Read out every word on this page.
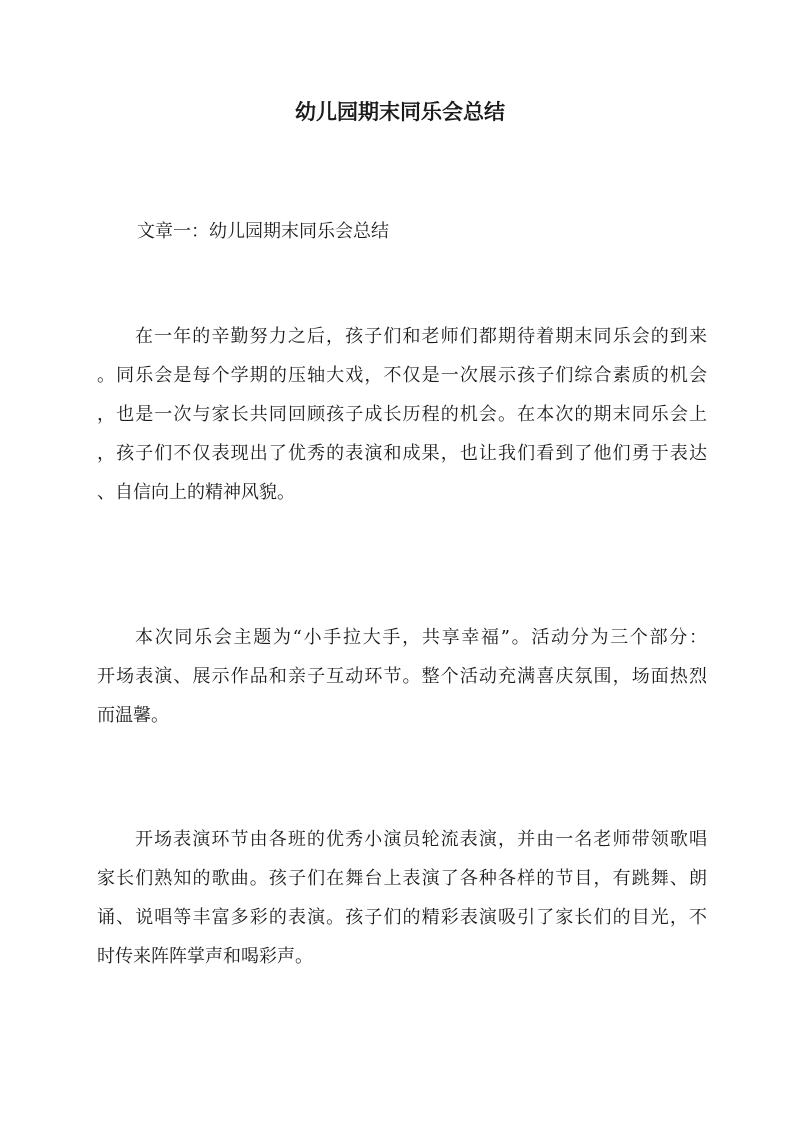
幼儿园期末同乐会总结
文章一：幼儿园期末同乐会总结
在一年的辛勤努力之后，孩子们和老师们都期待着期末同乐会的到来
。同乐会是每个学期的压轴大戏，不仅是一次展示孩子们综合素质的机会
，也是一次与家长共同回顾孩子成长历程的机会。在本次的期末同乐会上
，孩子们不仅表现出了优秀的表演和成果，也让我们看到了他们勇于表达
、自信向上的精神风貌。
本次同乐会主题为“小手拉大手，共享幸福”。活动分为三个部分：
开场表演、展示作品和亲子互动环节。整个活动充满喜庆氛围，场面热烈
而温馨。
开场表演环节由各班的优秀小演员轮流表演，并由一名老师带领歌唱
家长们熟知的歌曲。孩子们在舞台上表演了各种各样的节目，有跳舞、朗
诵、说唱等丰富多彩的表演。孩子们的精彩表演吸引了家长们的目光，不
时传来阵阵掌声和喝彩声。
